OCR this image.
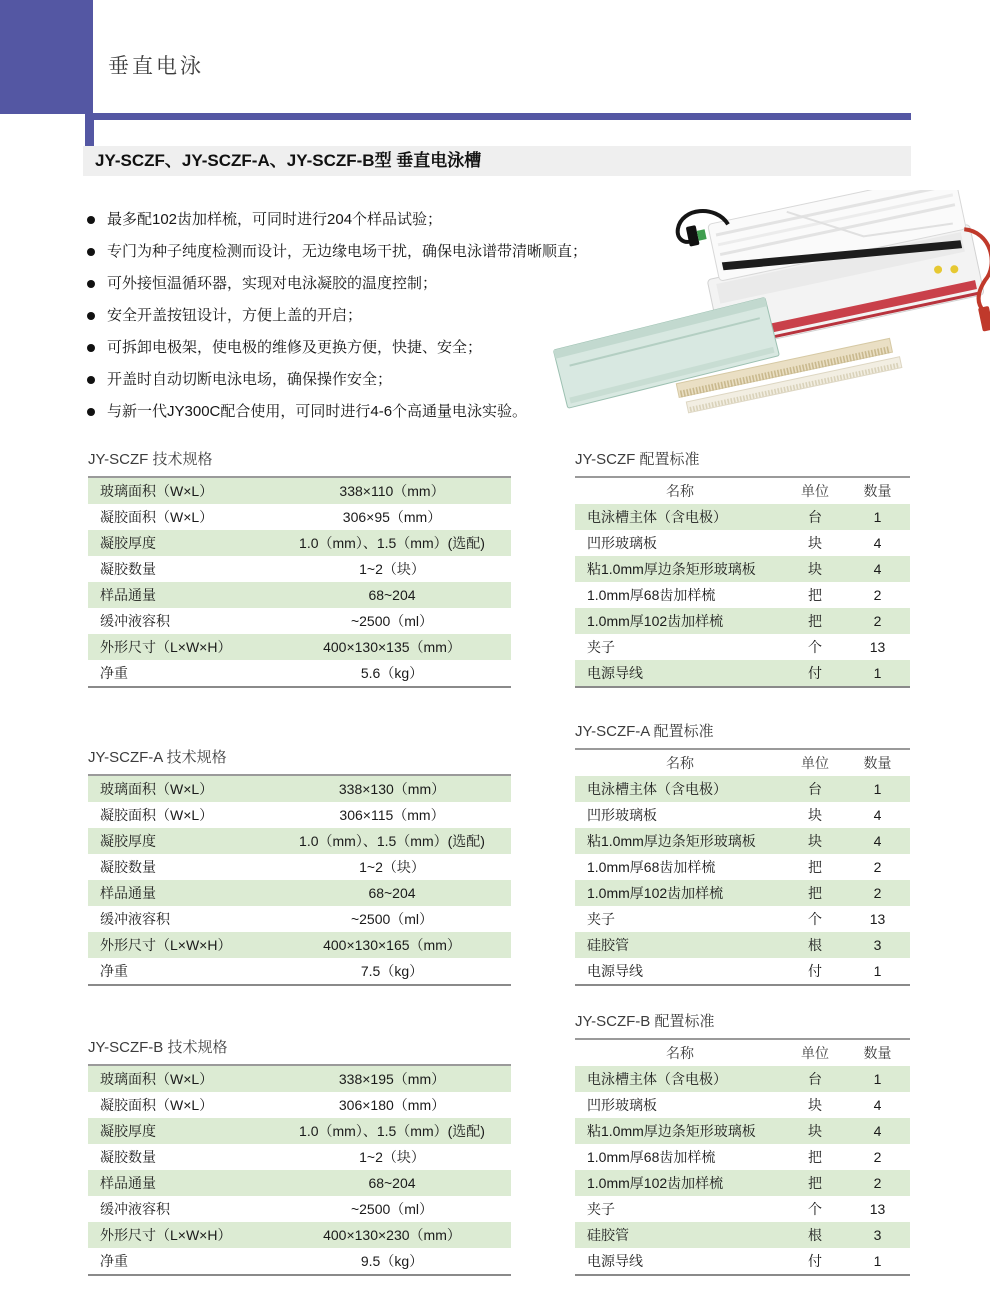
垂直电泳
JY-SCZF、JY-SCZF-A、JY-SCZF-B型 垂直电泳槽
最多配102齿加样梳，可同时进行204个样品试验；
专门为种子纯度检测而设计，无边缘电场干扰，确保电泳谱带清晰顺直；
可外接恒温循环器，实现对电泳凝胶的温度控制；
安全开盖按钮设计，方便上盖的开启；
可拆卸电极架，使电极的维修及更换方便，快捷、安全；
开盖时自动切断电泳电场，确保操作安全；
与新一代JY300C配合使用，可同时进行4-6个高通量电泳实验。
JY-SCZF 技术规格
玻璃面积（W×L）	338×110（mm）
凝胶面积（W×L）	306×95（mm）
凝胶厚度	1.0（mm）、1.5（mm）(选配)
凝胶数量	1~2（块）
样品通量	68~204
缓冲液容积	~2500（ml）
外形尺寸（L×W×H）	400×130×135（mm）
净重	5.6（kg）
JY-SCZF-A 技术规格
玻璃面积（W×L）	338×130（mm）
凝胶面积（W×L）	306×115（mm）
凝胶厚度	1.0（mm）、1.5（mm）(选配)
凝胶数量	1~2（块）
样品通量	68~204
缓冲液容积	~2500（ml）
外形尺寸（L×W×H）	400×130×165（mm）
净重	7.5（kg）
JY-SCZF-B 技术规格
玻璃面积（W×L）	338×195（mm）
凝胶面积（W×L）	306×180（mm）
凝胶厚度	1.0（mm）、1.5（mm）(选配)
凝胶数量	1~2（块）
样品通量	68~204
缓冲液容积	~2500（ml）
外形尺寸（L×W×H）	400×130×230（mm）
净重	9.5（kg）
JY-SCZF 配置标准
名称	单位	数量
电泳槽主体（含电极）	台	1
凹形玻璃板	块	4
粘1.0mm厚边条矩形玻璃板	块	4
1.0mm厚68齿加样梳	把	2
1.0mm厚102齿加样梳	把	2
夹子	个	13
电源导线	付	1
JY-SCZF-A 配置标准
名称	单位	数量
电泳槽主体（含电极）	台	1
凹形玻璃板	块	4
粘1.0mm厚边条矩形玻璃板	块	4
1.0mm厚68齿加样梳	把	2
1.0mm厚102齿加样梳	把	2
夹子	个	13
硅胶管	根	3
电源导线	付	1
JY-SCZF-B 配置标准
名称	单位	数量
电泳槽主体（含电极）	台	1
凹形玻璃板	块	4
粘1.0mm厚边条矩形玻璃板	块	4
1.0mm厚68齿加样梳	把	2
1.0mm厚102齿加样梳	把	2
夹子	个	13
硅胶管	根	3
电源导线	付	1
